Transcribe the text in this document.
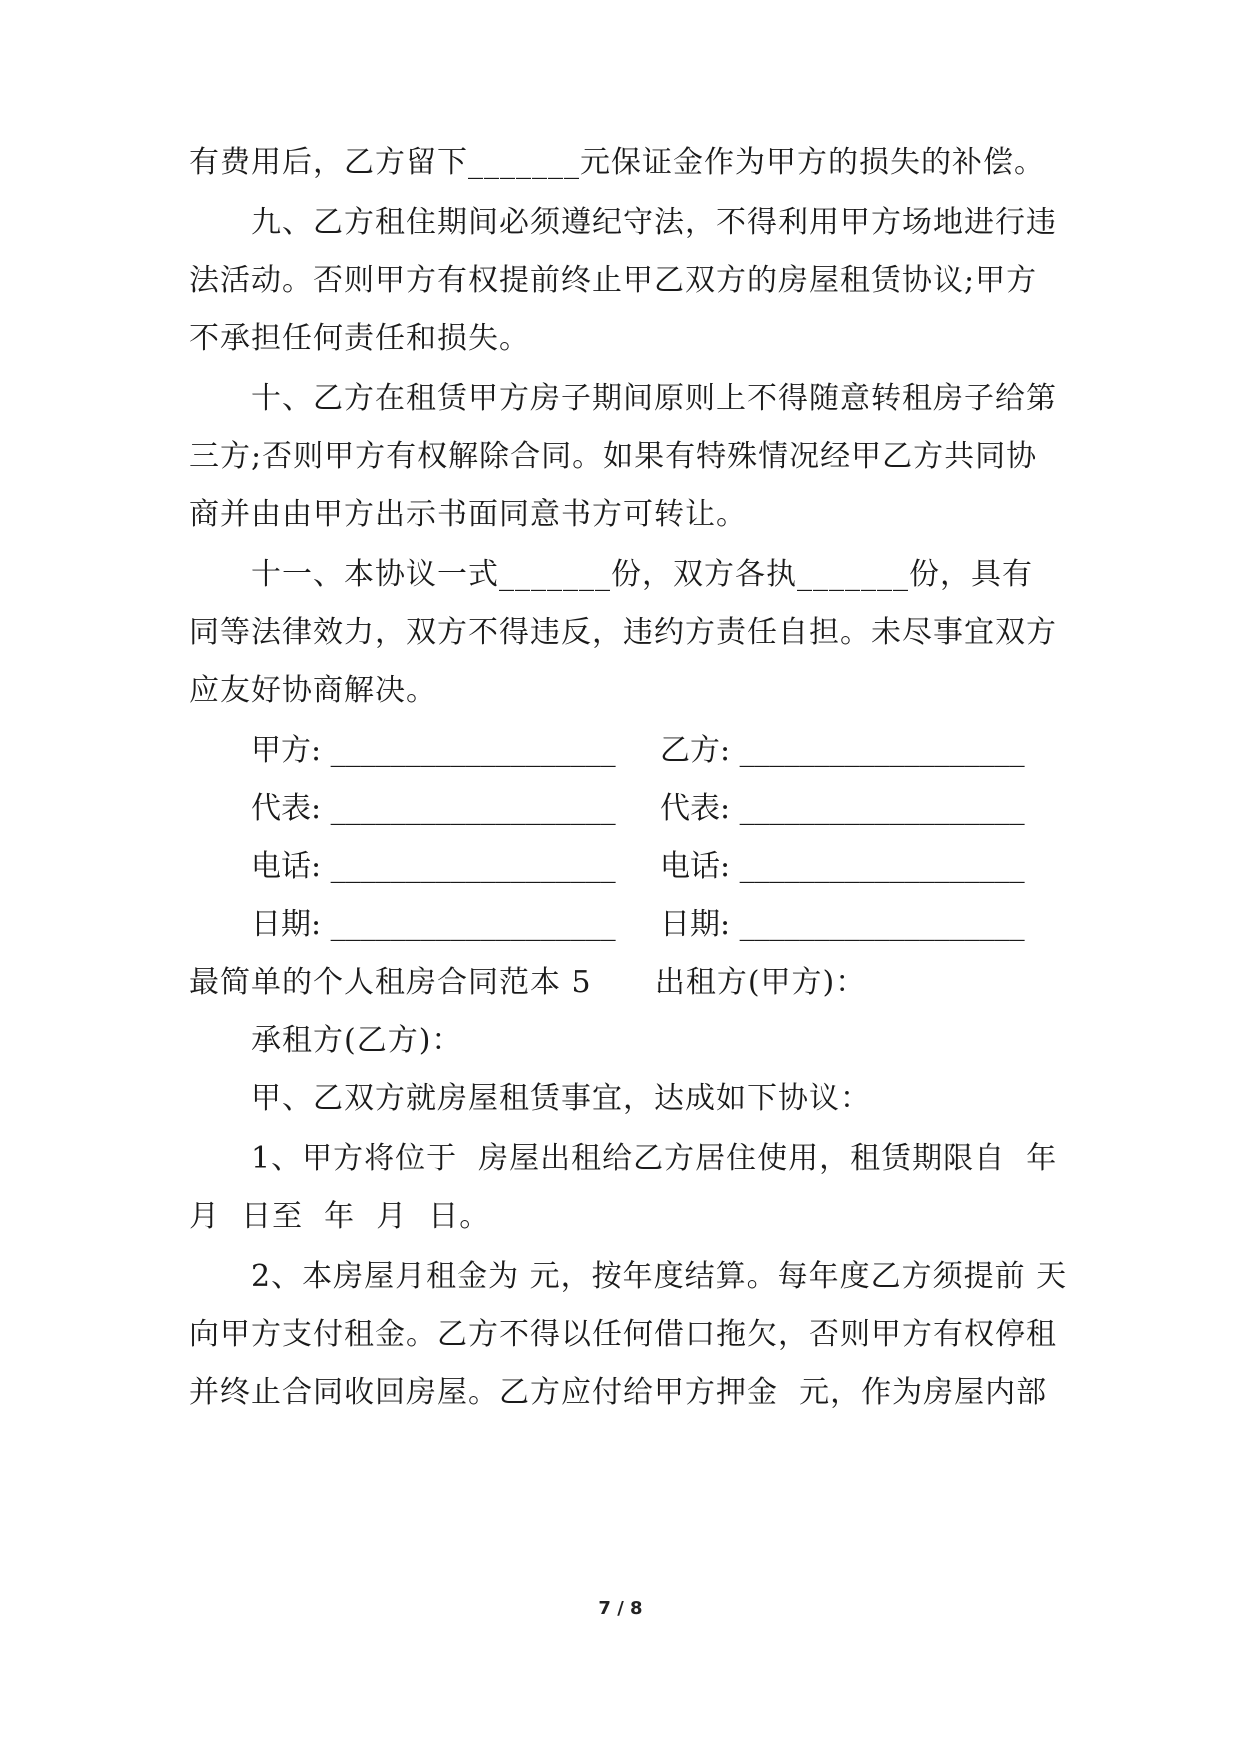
有费用后，乙方留下_______元保证金作为甲方的损失的补偿。
九、乙方租住期间必须遵纪守法，不得利用甲方场地进行违
法活动。否则甲方有权提前终止甲乙双方的房屋租赁协议;甲方
不承担任何责任和损失。
十、乙方在租赁甲方房子期间原则上不得随意转租房子给第
三方;否则甲方有权解除合同。如果有特殊情况经甲乙方共同协
商并由由甲方出示书面同意书方可转让。
十一、本协议一式_______份，双方各执_______份，具有
同等法律效力，双方不得违反，违约方责任自担。未尽事宜双方
应友好协商解决。
甲方: ___________________ 乙方: ___________________
代表: ___________________ 代表: ___________________
电话: ___________________ 电话: ___________________
日期: ___________________ 日期: ___________________
最简单的个人租房合同范本 5      出租方(甲方)：
承租方(乙方)：
甲、乙双方就房屋租赁事宜，达成如下协议：
1、甲方将位于  房屋出租给乙方居住使用，租赁期限自  年
月  日至  年  月  日。
2、本房屋月租金为 元，按年度结算。每年度乙方须提前 天
向甲方支付租金。乙方不得以任何借口拖欠，否则甲方有权停租
并终止合同收回房屋。乙方应付给甲方押金  元，作为房屋内部
7 / 8
